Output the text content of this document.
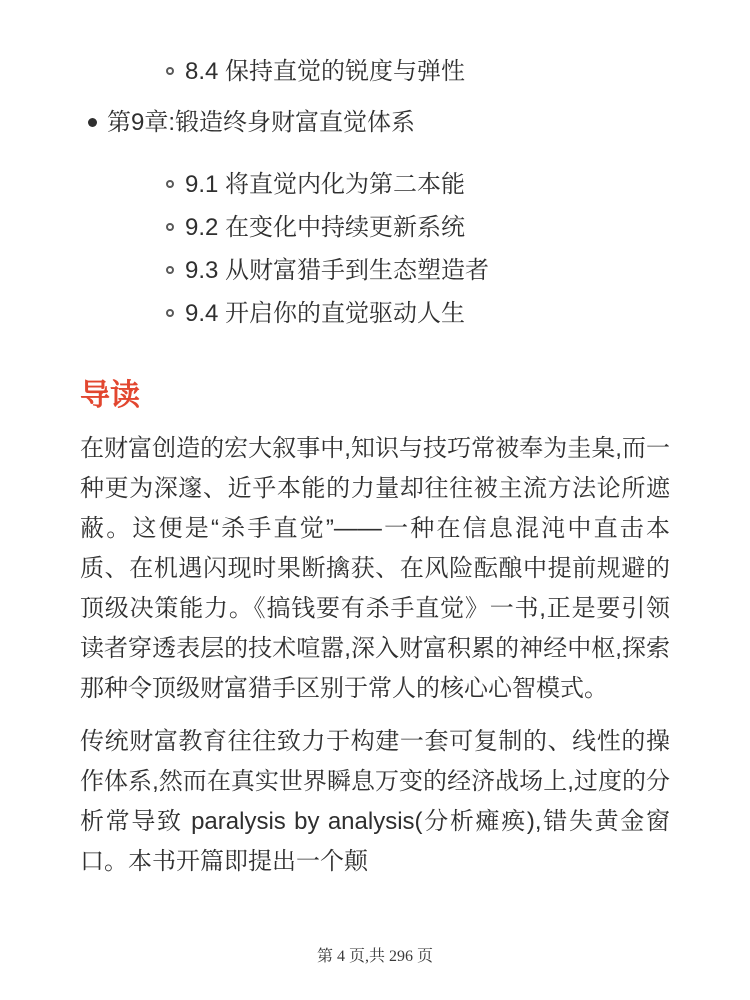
8.4 保持直觉的锐度与弹性
第9章:锻造终身财富直觉体系
9.1 将直觉内化为第二本能
9.2 在变化中持续更新系统
9.3 从财富猎手到生态塑造者
9.4 开启你的直觉驱动人生
导读

在财富创造的宏大叙事中,知识与技巧常被奉为圭臬,而一种更为深邃、近乎本能的力量却往往被主流方法论所遮蔽。这便是“杀手直觉”——一种在信息混沌中直击本质、在机遇闪现时果断擒获、在风险酝酿中提前规避的顶级决策能力。《搞钱要有杀手直觉》一书,正是要引领读者穿透表层的技术喧嚣,深入财富积累的神经中枢,探索那种令顶级财富猎手区别于常人的核心心智模式。

传统财富教育往往致力于构建一套可复制的、线性的操作体系,然而在真实世界瞬息万变的经济战场上,过度的分析常导致 paralysis by analysis(分析瘫痪),错失黄金窗口。本书开篇即提出一个颠

第 4 页,共 296 页
